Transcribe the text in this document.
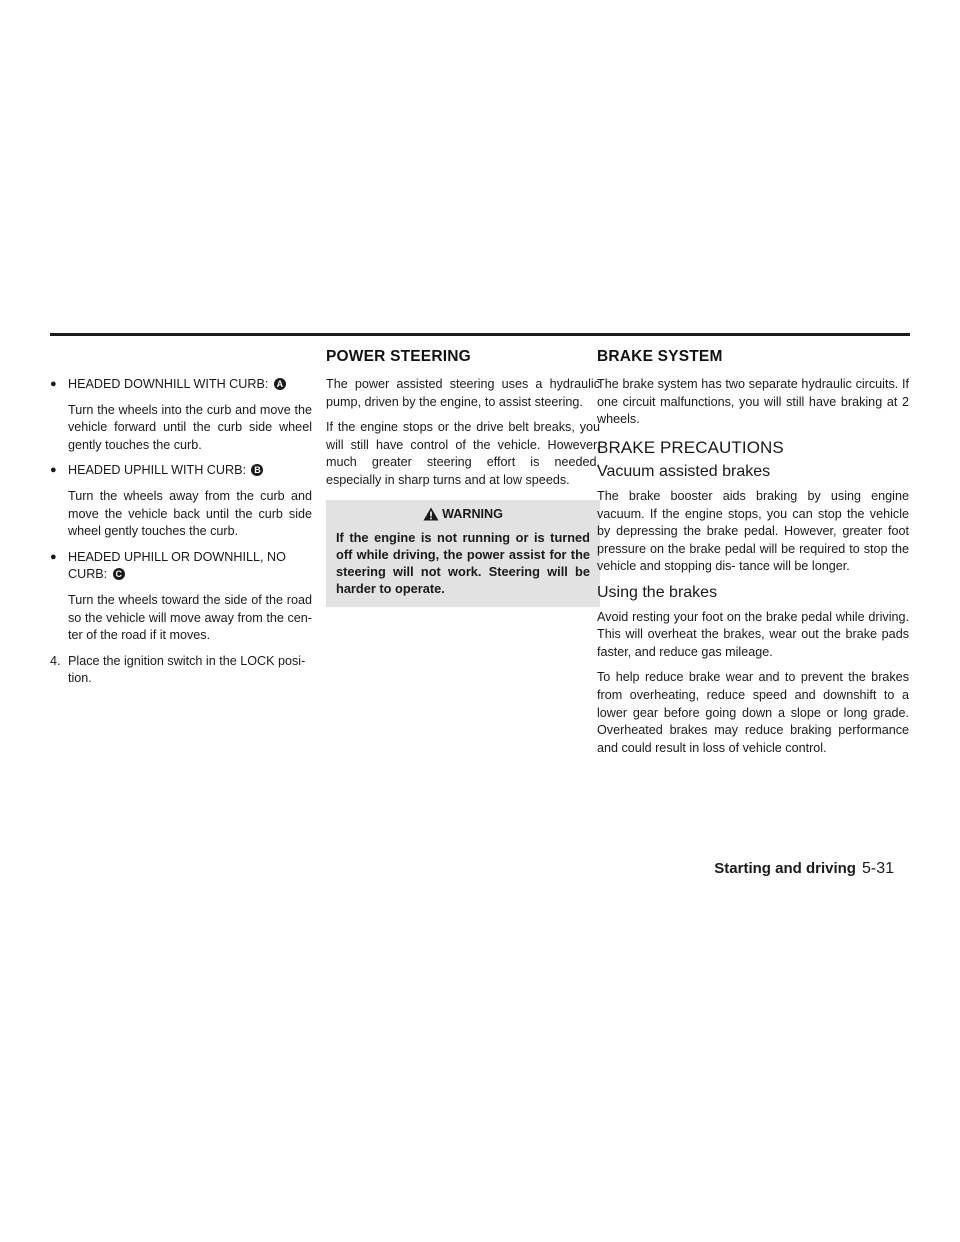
POWER STEERING	BRAKE SYSTEM
● HEADED DOWNHILL WITH CURB: A

Turn the wheels into the curb and move the vehicle forward until the curb side wheel gently touches the curb.

● HEADED UPHILL WITH CURB: B

Turn the wheels away from the curb and move the vehicle back until the curb side wheel gently touches the curb.

● HEADED UPHILL OR DOWNHILL, NO CURB: C

Turn the wheels toward the side of the road so the vehicle will move away from the cen- ter of the road if it moves.

4. Place the ignition switch in the LOCK posi- tion.

The power assisted steering uses a hydraulic pump, driven by the engine, to assist steering.

If the engine stops or the drive belt breaks, you will still have control of the vehicle. However, much greater steering effort is needed, especially in sharp turns and at low speeds.

WARNING

If the engine is not running or is turned off while driving, the power assist for the steering will not work. Steering will be harder to operate.

The brake system has two separate hydraulic circuits. If one circuit malfunctions, you will still have braking at 2 wheels.

BRAKE PRECAUTIONS
Vacuum assisted brakes

The brake booster aids braking by using engine vacuum. If the engine stops, you can stop the vehicle by depressing the brake pedal. However, greater foot pressure on the brake pedal will be required to stop the vehicle and stopping dis- tance will be longer.

Using the brakes

Avoid resting your foot on the brake pedal while driving. This will overheat the brakes, wear out the brake pads faster, and reduce gas mileage.

To help reduce brake wear and to prevent the brakes from overheating, reduce speed and downshift to a lower gear before going down a slope or long grade. Overheated brakes may reduce braking performance and could result in loss of vehicle control.

Starting and driving 5-31
